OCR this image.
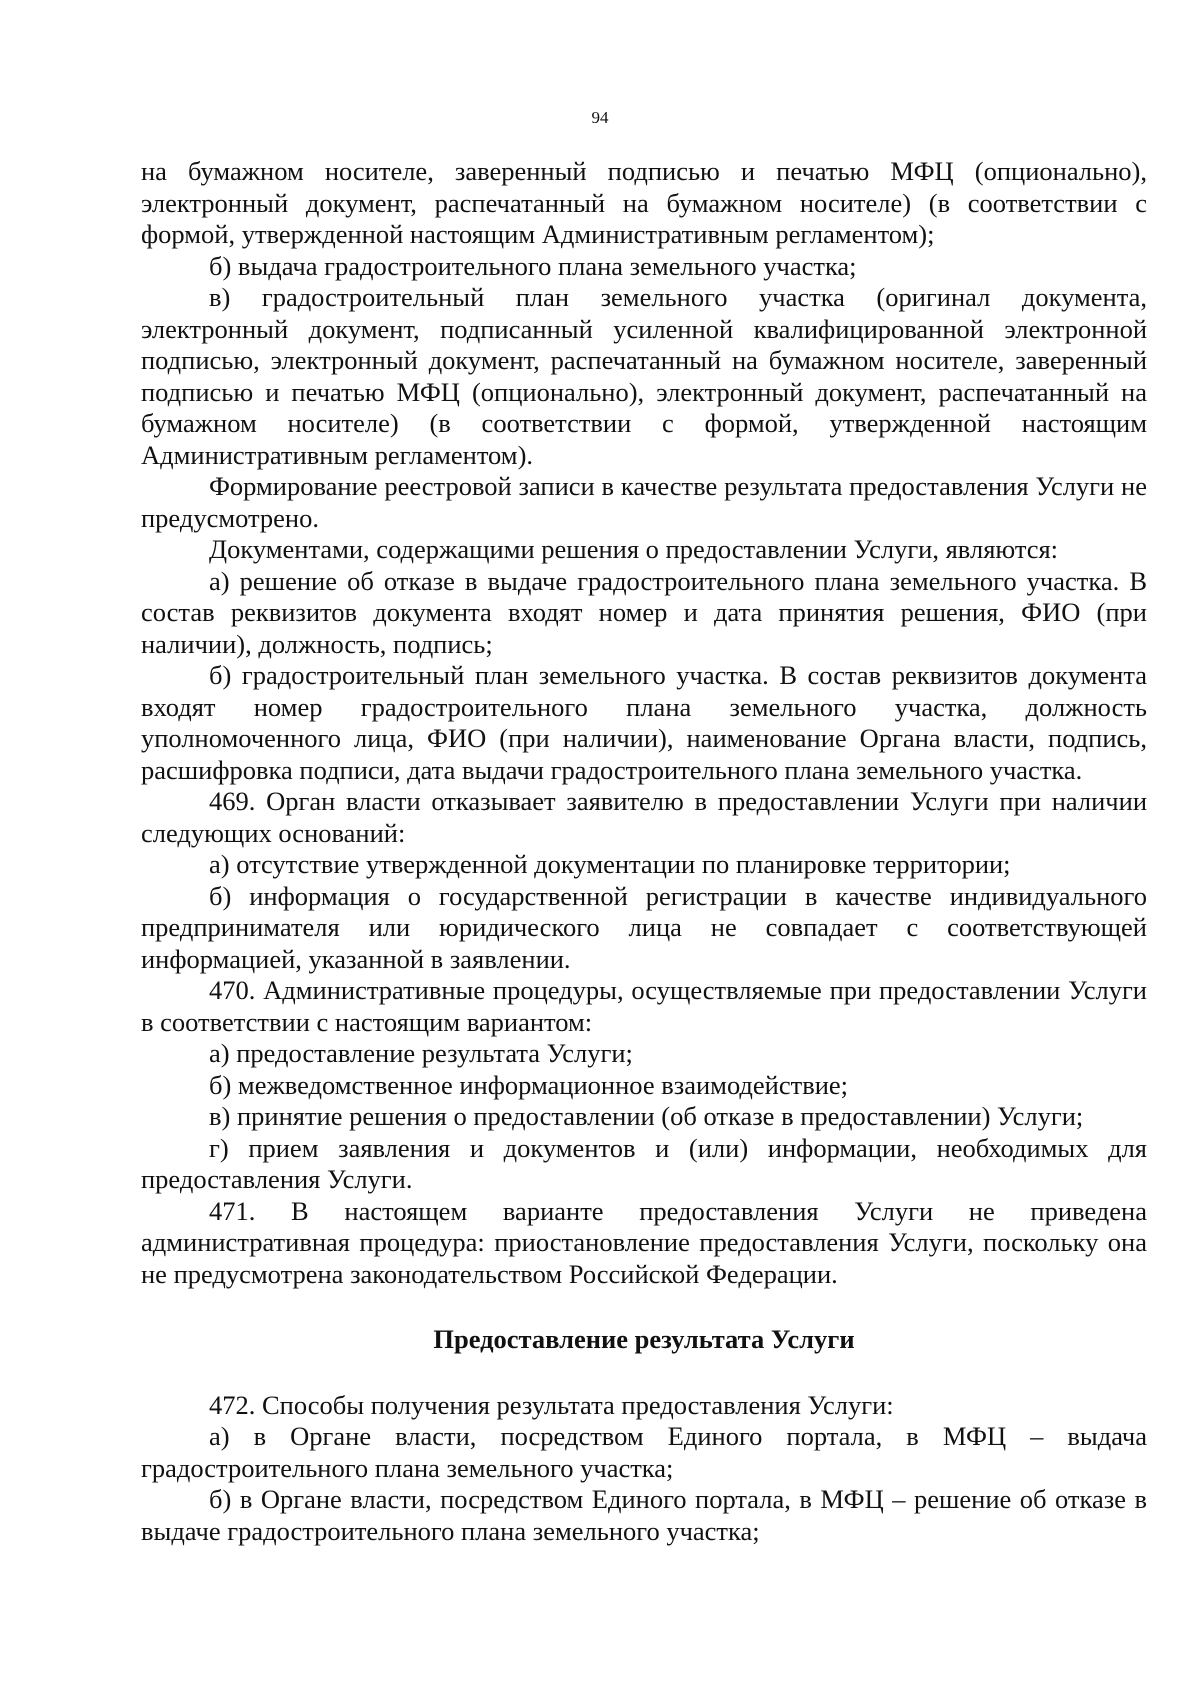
94

на бумажном носителе, заверенный подписью и печатью МФЦ (опционально), электронный документ, распечатанный на бумажном носителе) (в соответствии с формой, утвержденной настоящим Административным регламентом);

б) выдача градостроительного плана земельного участка;

в) градостроительный план земельного участка (оригинал документа, электронный документ, подписанный усиленной квалифицированной электронной подписью, электронный документ, распечатанный на бумажном носителе, заверенный подписью и печатью МФЦ (опционально), электронный документ, распечатанный на бумажном носителе) (в соответствии с формой, утвержденной настоящим Административным регламентом).

Формирование реестровой записи в качестве результата предоставления Услуги не предусмотрено.

Документами, содержащими решения о предоставлении Услуги, являются:

а) решение об отказе в выдаче градостроительного плана земельного участка. В состав реквизитов документа входят номер и дата принятия решения, ФИО (при наличии), должность, подпись;

б) градостроительный план земельного участка. В состав реквизитов документа входят номер градостроительного плана земельного участка, должность уполномоченного лица, ФИО (при наличии), наименование Органа власти, подпись, расшифровка подписи, дата выдачи градостроительного плана земельного участка.

469. Орган власти отказывает заявителю в предоставлении Услуги при наличии следующих оснований:

а) отсутствие утвержденной документации по планировке территории;

б) информация о государственной регистрации в качестве индивидуального предпринимателя или юридического лица не совпадает с соответствующей информацией, указанной в заявлении.

470. Административные процедуры, осуществляемые при предоставлении Услуги в соответствии с настоящим вариантом:

а) предоставление результата Услуги;

б) межведомственное информационное взаимодействие;

в) принятие решения о предоставлении (об отказе в предоставлении) Услуги;

г) прием заявления и документов и (или) информации, необходимых для предоставления Услуги.

471. В настоящем варианте предоставления Услуги не приведена административная процедура: приостановление предоставления Услуги, поскольку она не предусмотрена законодательством Российской Федерации.

Предоставление результата Услуги

472. Способы получения результата предоставления Услуги:

а) в Органе власти, посредством Единого портала, в МФЦ – выдача градостроительного плана земельного участка;

б) в Органе власти, посредством Единого портала, в МФЦ – решение об отказе в выдаче градостроительного плана земельного участка;
